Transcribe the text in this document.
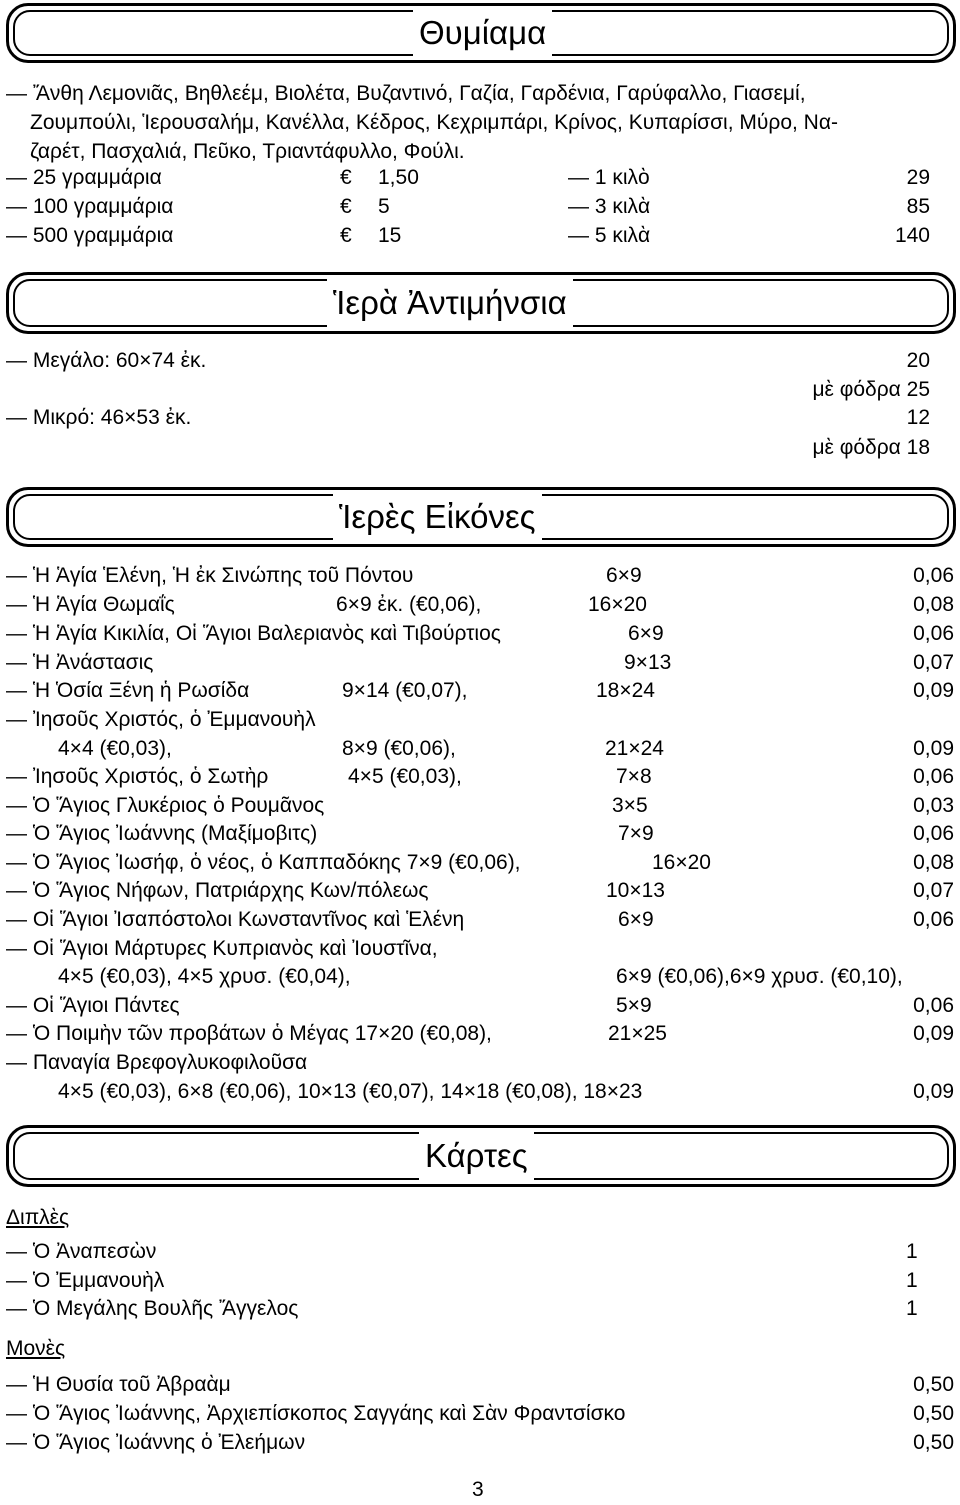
Θυμίαμα
— Ἄνθη Λεμονιᾶς, Βηθλεέμ, Βιολέτα, Βυζαντινό, Γαζία, Γαρδένια, Γαρύφαλλο, Γιασεμί,
Ζουμπούλι, Ἱερουσαλήμ, Κανέλλα, Κέδρος, Κεχριμπάρι, Κρίνος, Κυπαρίσσι, Μύρο, Να-
ζαρέτ, Πασχαλιά, Πεῦκο, Τριαντάφυλλο, Φούλι.
— 25 γραμμάρια	€ 1,50	— 1 κιλὸ	29
— 100 γραμμάρια	€ 5	— 3 κιλὰ	85
— 500 γραμμάρια	€ 15	— 5 κιλὰ	140
Ἱερὰ Ἀντιμήνσια
— Μεγάλο: 60×74 ἐκ.	20
μὲ φόδρα 25
— Μικρό: 46×53 ἐκ.	12
μὲ φόδρα 18
Ἱερὲς Εἰκόνες
— Ἡ Ἁγία Ἑλένη, Ἡ ἐκ Σινώπης τοῦ Πόντου	6×9	0,06
— Ἡ Ἁγία Θωμαΐς	6×9 ἐκ. (€0,06),	16×20	0,08
— Ἡ Ἁγία Κικιλία, Οἱ Ἅγιοι Βαλεριανὸς καὶ Τιβούρτιος	6×9	0,06
— Ἡ Ἀνάστασις	9×13	0,07
— Ἡ Ὁσία Ξένη ἡ Ρωσίδα	9×14 (€0,07),	18×24	0,09
— Ἰησοῦς Χριστός, ὁ Ἐμμανουὴλ
4×4 (€0,03),	8×9 (€0,06),	21×24	0,09
— Ἰησοῦς Χριστός, ὁ Σωτὴρ	4×5 (€0,03),	7×8	0,06
— Ὁ Ἅγιος Γλυκέριος ὁ Ρουμᾶνος	3×5	0,03
— Ὁ Ἅγιος Ἰωάννης (Μαξίμοβιτς)	7×9	0,06
— Ὁ Ἅγιος Ἰωσήφ, ὁ νέος, ὁ Καππαδόκης 7×9 (€0,06),	16×20	0,08
— Ὁ Ἅγιος Νήφων, Πατριάρχης Κων/πόλεως	10×13	0,07
— Οἱ Ἅγιοι Ἰσαπόστολοι Κωνσταντῖνος καὶ Ἑλένη	6×9	0,06
— Οἱ Ἅγιοι Μάρτυρες Κυπριανὸς καὶ Ἰουστῖνα,
4×5 (€0,03), 4×5 χρυσ. (€0,04),	6×9 (€0,06),6×9 χρυσ. (€0,10),
— Οἱ Ἅγιοι Πάντες	5×9	0,06
— Ὁ Ποιμὴν τῶν προβάτων ὁ Μέγας 17×20 (€0,08),	21×25	0,09
— Παναγία Βρεφογλυκοφιλοῦσα
4×5 (€0,03), 6×8 (€0,06), 10×13 (€0,07), 14×18 (€0,08), 18×23	0,09
Κάρτες
Διπλὲς
— Ὁ Ἀναπεσὼν	1
— Ὁ Ἐμμανουὴλ	1
— Ὁ Μεγάλης Βουλῆς Ἄγγελος	1
Μονὲς
— Ἡ Θυσία τοῦ Ἀβραὰμ	0,50
— Ὁ Ἅγιος Ἰωάννης, Ἀρχιεπίσκοπος Σαγγάης καὶ Σὰν Φραντσίσκο	0,50
— Ὁ Ἅγιος Ἰωάννης ὁ Ἐλεήμων	0,50
3
